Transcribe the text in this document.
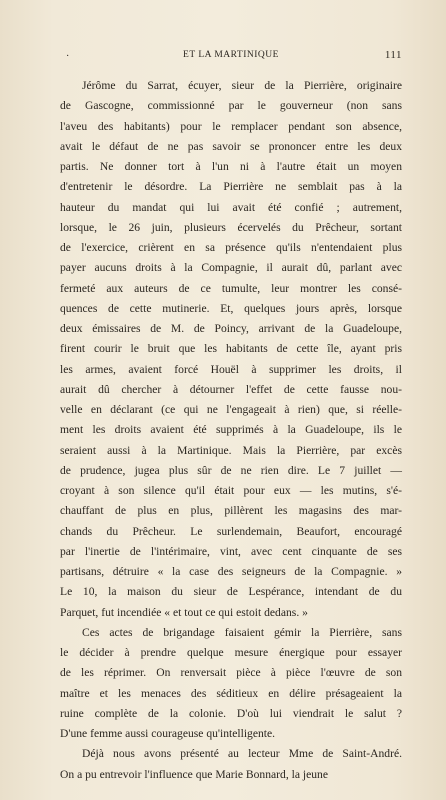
·	ET LA MARTINIQUE	111

Jérôme du Sarrat, écuyer, sieur de la Pierrière, originaire
de Gascogne, commissionné par le gouverneur (non sans
l'aveu des habitants) pour le remplacer pendant son absence,
avait le défaut de ne pas savoir se prononcer entre les deux
partis. Ne donner tort à l'un ni à l'autre était un moyen
d'entretenir le désordre. La Pierrière ne semblait pas à la
hauteur du mandat qui lui avait été confié ; autrement,
lorsque, le 26 juin, plusieurs écervelés du Prêcheur, sortant
de l'exercice, crièrent en sa présence qu'ils n'entendaient plus
payer aucuns droits à la Compagnie, il aurait dû, parlant avec
fermeté aux auteurs de ce tumulte, leur montrer les consé-
quences de cette mutinerie. Et, quelques jours après, lorsque
deux émissaires de M. de Poincy, arrivant de la Guadeloupe,
firent courir le bruit que les habitants de cette île, ayant pris
les armes, avaient forcé Houël à supprimer les droits, il
aurait dû chercher à détourner l'effet de cette fausse nou-
velle en déclarant (ce qui ne l'engageait à rien) que, si réelle-
ment les droits avaient été supprimés à la Guadeloupe, ils le
seraient aussi à la Martinique. Mais la Pierrière, par excès
de prudence, jugea plus sûr de ne rien dire. Le 7 juillet —
croyant à son silence qu'il était pour eux — les mutins, s'é-
chauffant de plus en plus, pillèrent les magasins des mar-
chands du Prêcheur. Le surlendemain, Beaufort, encouragé
par l'inertie de l'intérimaire, vint, avec cent cinquante de ses
partisans, détruire « la case des seigneurs de la Compagnie. »
Le 10, la maison du sieur de Lespérance, intendant de du
Parquet, fut incendiée « et tout ce qui estoit dedans. »

Ces actes de brigandage faisaient gémir la Pierrière, sans
le décider à prendre quelque mesure énergique pour essayer
de les réprimer. On renversait pièce à pièce l'œuvre de son
maître et les menaces des séditieux en délire présageaient la
ruine complète de la colonie. D'où lui viendrait le salut ?
D'une femme aussi courageuse qu'intelligente.

Déjà nous avons présenté au lecteur Mme de Saint-André.
On a pu entrevoir l'influence que Marie Bonnard, la jeune
